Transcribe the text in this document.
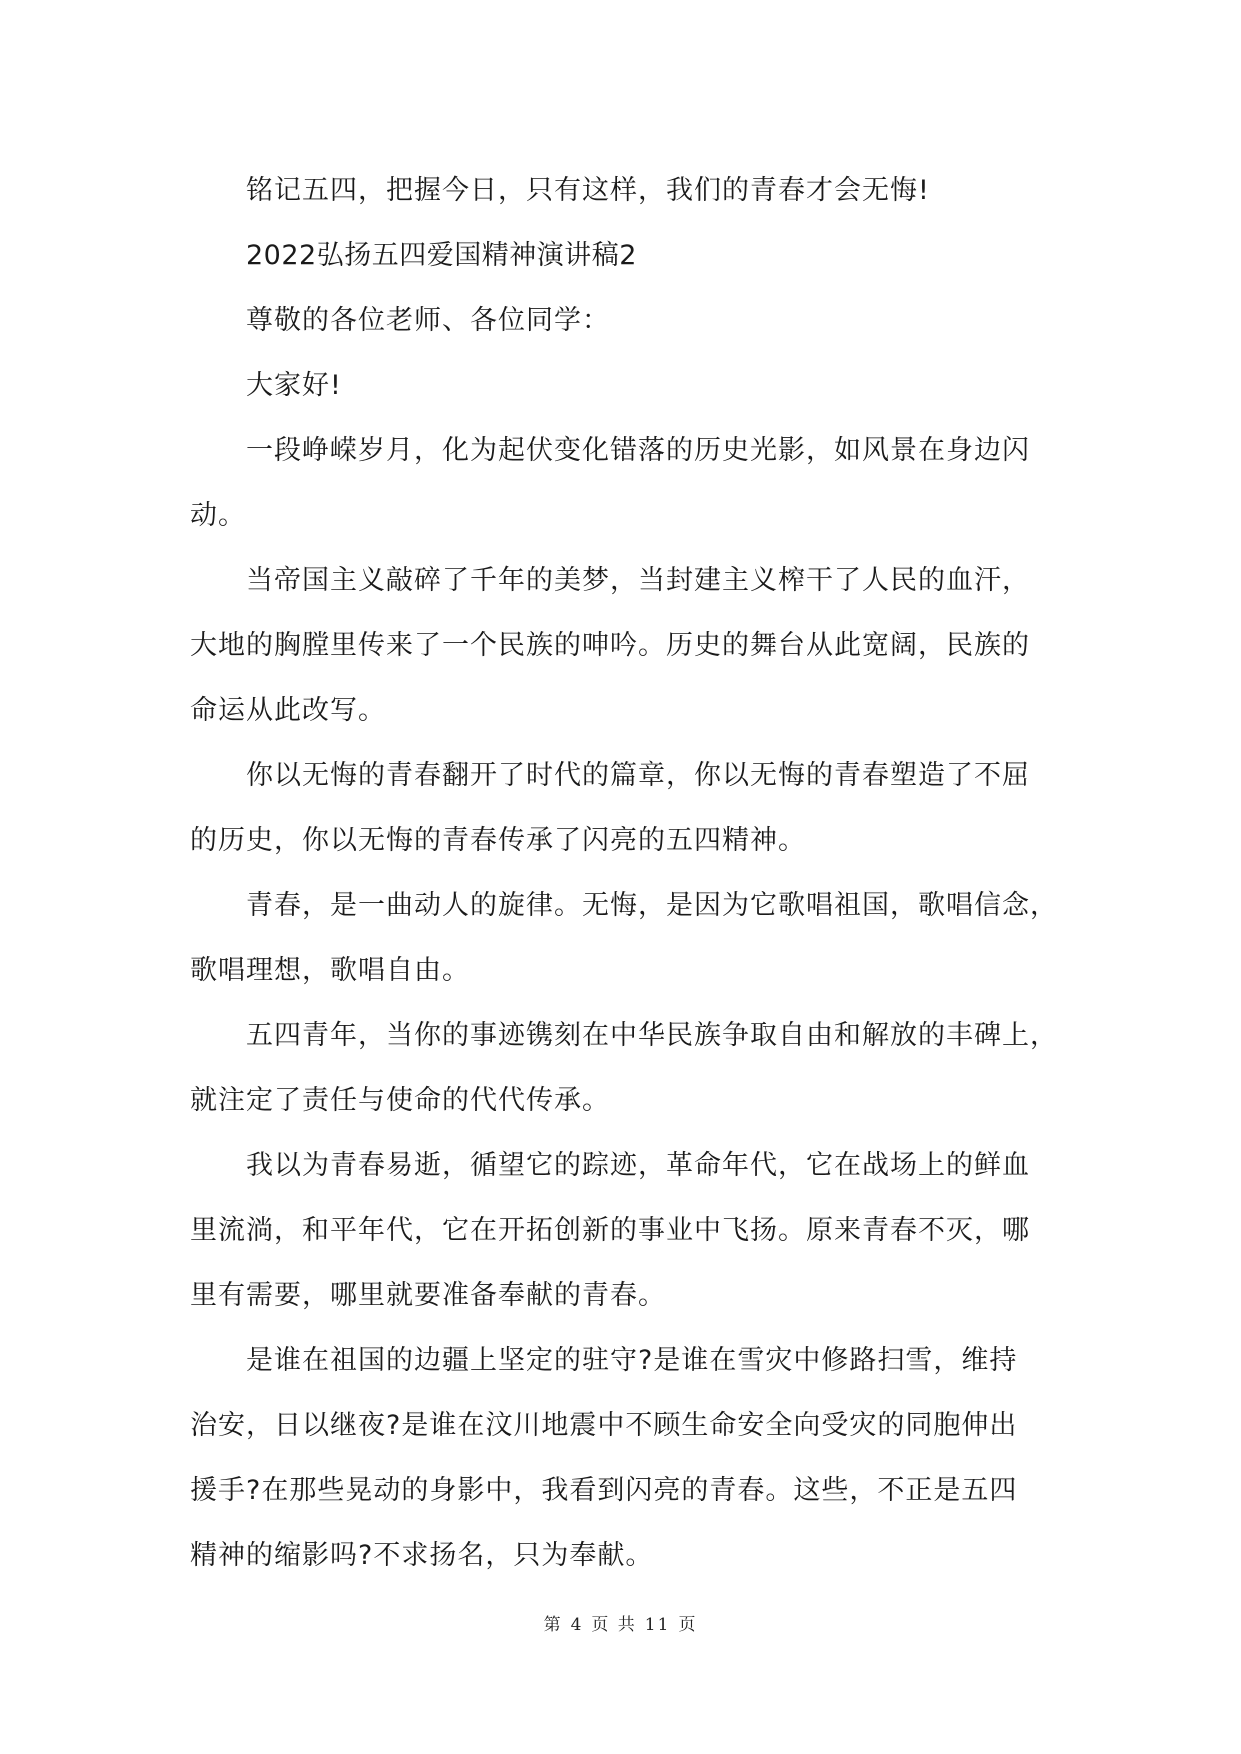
铭记五四，把握今日，只有这样，我们的青春才会无悔!
2022弘扬五四爱国精神演讲稿2
尊敬的各位老师、各位同学：
大家好!
一段峥嵘岁月，化为起伏变化错落的历史光影，如风景在身边闪
动。
当帝国主义敲碎了千年的美梦，当封建主义榨干了人民的血汗，
大地的胸膛里传来了一个民族的呻吟。历史的舞台从此宽阔，民族的
命运从此改写。
你以无悔的青春翻开了时代的篇章，你以无悔的青春塑造了不屈
的历史，你以无悔的青春传承了闪亮的五四精神。
青春，是一曲动人的旋律。无悔，是因为它歌唱祖国，歌唱信念，
歌唱理想，歌唱自由。
五四青年，当你的事迹镌刻在中华民族争取自由和解放的丰碑上，
就注定了责任与使命的代代传承。
我以为青春易逝，循望它的踪迹，革命年代，它在战场上的鲜血
里流淌，和平年代，它在开拓创新的事业中飞扬。原来青春不灭，哪
里有需要，哪里就要准备奉献的青春。
是谁在祖国的边疆上坚定的驻守?是谁在雪灾中修路扫雪，维持
治安，日以继夜?是谁在汶川地震中不顾生命安全向受灾的同胞伸出
援手?在那些晃动的身影中，我看到闪亮的青春。这些，不正是五四
精神的缩影吗?不求扬名，只为奉献。
第 4 页 共 11 页
